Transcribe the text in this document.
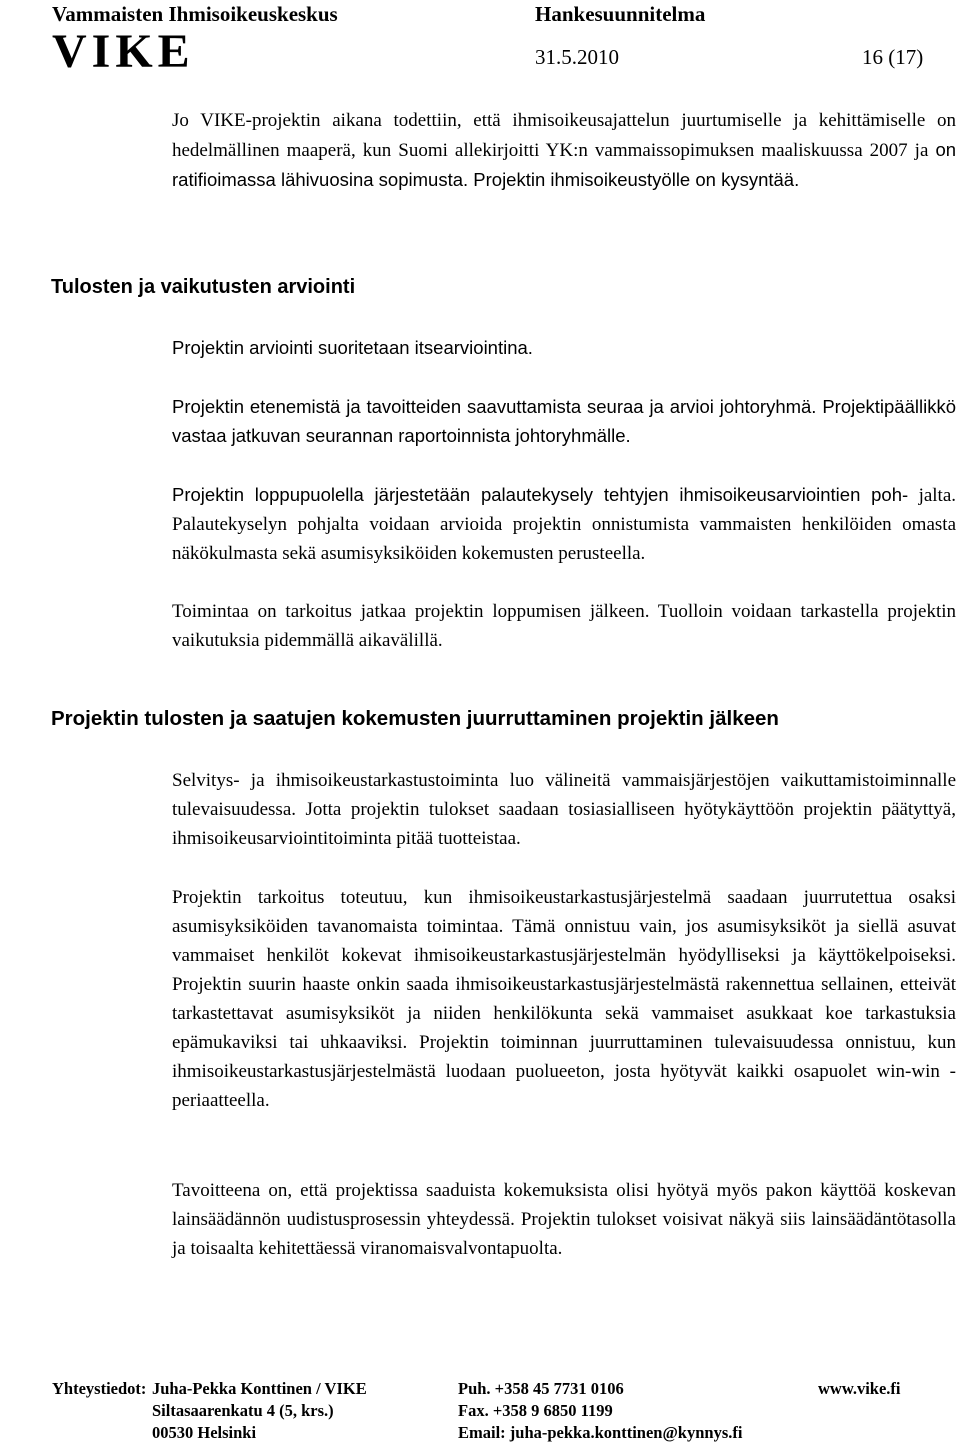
Vammaisten Ihmisoikeuskeskus	Hankesuunnitelma
VIKE	31.5.2010	16 (17)
Jo VIKE-projektin aikana todettiin, että ihmisoikeusajattelun juurtumiselle ja kehittämiselle on hedelmällinen maaperä, kun Suomi allekirjoitti YK:n vammaissopimuksen maaliskuussa 2007 ja on ratifioimassa lähivuosina sopimusta. Projektin ihmisoikeustyölle on kysyntää.
Tulosten ja vaikutusten arviointi
Projektin arviointi suoritetaan itsearviointina.
Projektin etenemistä ja tavoitteiden saavuttamista seuraa ja arvioi johtoryhmä. Projektipäällikkö vastaa jatkuvan seurannan raportoinnista johtoryhmälle.
Projektin loppupuolella järjestetään palautekysely tehtyjen ihmisoikeusarviointien poh- jalta. Palautekyselyn pohjalta voidaan arvioida projektin onnistumista vammaisten henkilöiden omasta näkökulmasta sekä asumisyksiköiden kokemusten perusteella.
Toimintaa on tarkoitus jatkaa projektin loppumisen jälkeen. Tuolloin voidaan tarkastella projektin vaikutuksia pidemmällä aikavälillä.
Projektin tulosten ja saatujen kokemusten juurruttaminen projektin jälkeen
Selvitys- ja ihmisoikeustarkastustoiminta luo välineitä vammaisjärjestöjen vaikuttamistoiminnalle tulevaisuudessa. Jotta projektin tulokset saadaan tosiasialliseen hyötykäyttöön projektin päätyttyä, ihmisoikeusarviointitoiminta pitää tuotteistaa.
Projektin tarkoitus toteutuu, kun ihmisoikeustarkastusjärjestelmä saadaan juurrutettua osaksi asumisyksiköiden tavanomaista toimintaa. Tämä onnistuu vain, jos asumisyksiköt ja siellä asuvat vammaiset henkilöt kokevat ihmisoikeustarkastusjärjestelmän hyödylliseksi ja käyttökelpoiseksi. Projektin suurin haaste onkin saada ihmisoikeustarkastusjärjestelmästä rakennettua sellainen, etteivät tarkastettavat asumisyksiköt ja niiden henkilökunta sekä vammaiset asukkaat koe tarkastuksia epämukaviksi tai uhkaaviksi. Projektin toiminnan juurruttaminen tulevaisuudessa onnistuu, kun ihmisoikeustarkastusjärjestelmästä luodaan puolueeton, josta hyötyvät kaikki osapuolet win-win -periaatteella.
Tavoitteena on, että projektissa saaduista kokemuksista olisi hyötyä myös pakon käyttöä koskevan lainsäädännön uudistusprosessin yhteydessä. Projektin tulokset voisivat näkyä siis lainsäädäntötasolla ja toisaalta kehitettäessä viranomaisvalvontapuolta.
Yhteystiedot: Juha-Pekka Konttinen / VIKE
Siltasaarenkatu 4 (5, krs.)
00530 Helsinki
Puh. +358 45 7731 0106
Fax. +358 9 6850 1199
Email: juha-pekka.konttinen@kynnys.fi
www.vike.fi
